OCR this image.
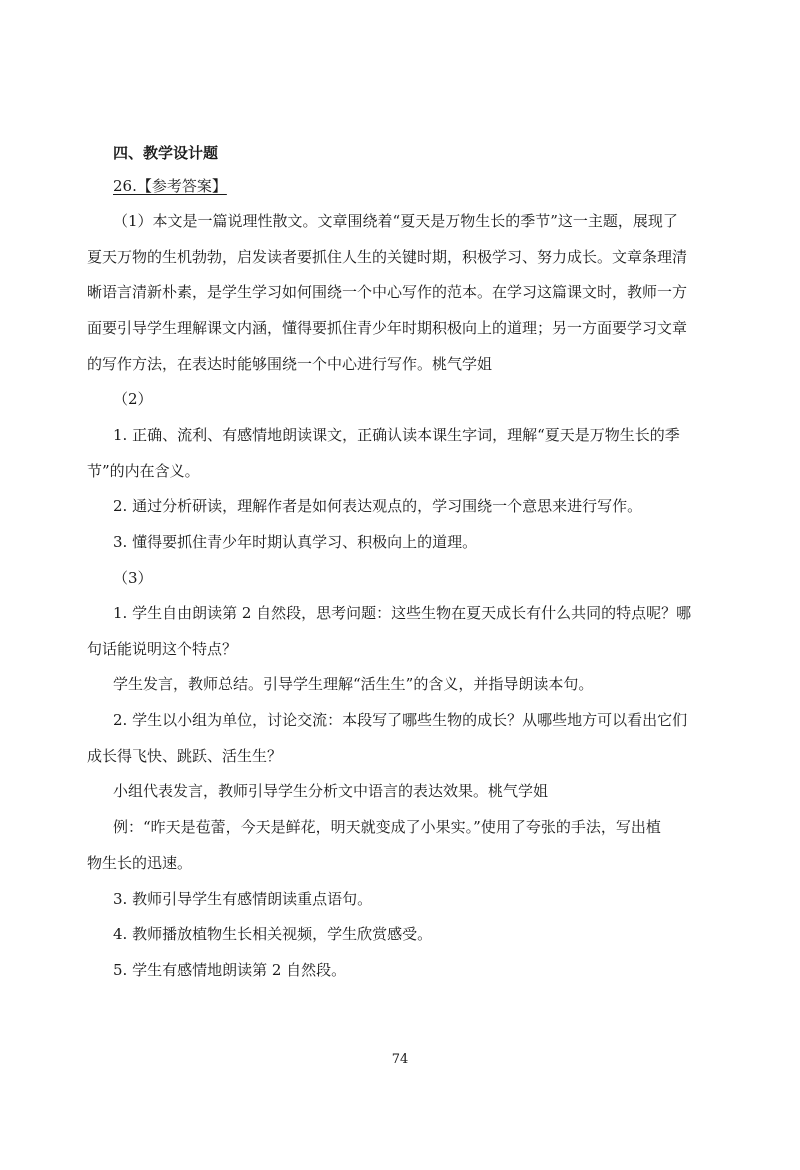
四、教学设计题
26.【参考答案】
（1）本文是一篇说理性散文。文章围绕着“夏天是万物生长的季节”这一主题，展现了
夏天万物的生机勃勃，启发读者要抓住人生的关键时期，积极学习、努力成长。文章条理清
晰语言清新朴素，是学生学习如何围绕一个中心写作的范本。在学习这篇课文时，教师一方
面要引导学生理解课文内涵，懂得要抓住青少年时期积极向上的道理；另一方面要学习文章
的写作方法，在表达时能够围绕一个中心进行写作。桃气学姐
（2）
1. 正确、流利、有感情地朗读课文，正确认读本课生字词，理解“夏天是万物生长的季
节”的内在含义。
2. 通过分析研读，理解作者是如何表达观点的，学习围绕一个意思来进行写作。
3. 懂得要抓住青少年时期认真学习、积极向上的道理。
（3）
1. 学生自由朗读第 2 自然段，思考问题：这些生物在夏天成长有什么共同的特点呢？哪
句话能说明这个特点？
学生发言，教师总结。引导学生理解“活生生”的含义，并指导朗读本句。
2. 学生以小组为单位，讨论交流：本段写了哪些生物的成长？从哪些地方可以看出它们
成长得飞快、跳跃、活生生？
小组代表发言，教师引导学生分析文中语言的表达效果。桃气学姐
例：“昨天是苞蕾，今天是鲜花，明天就变成了小果实。”使用了夸张的手法，写出植
物生长的迅速。
3. 教师引导学生有感情朗读重点语句。
4. 教师播放植物生长相关视频，学生欣赏感受。
5. 学生有感情地朗读第 2 自然段。
74
